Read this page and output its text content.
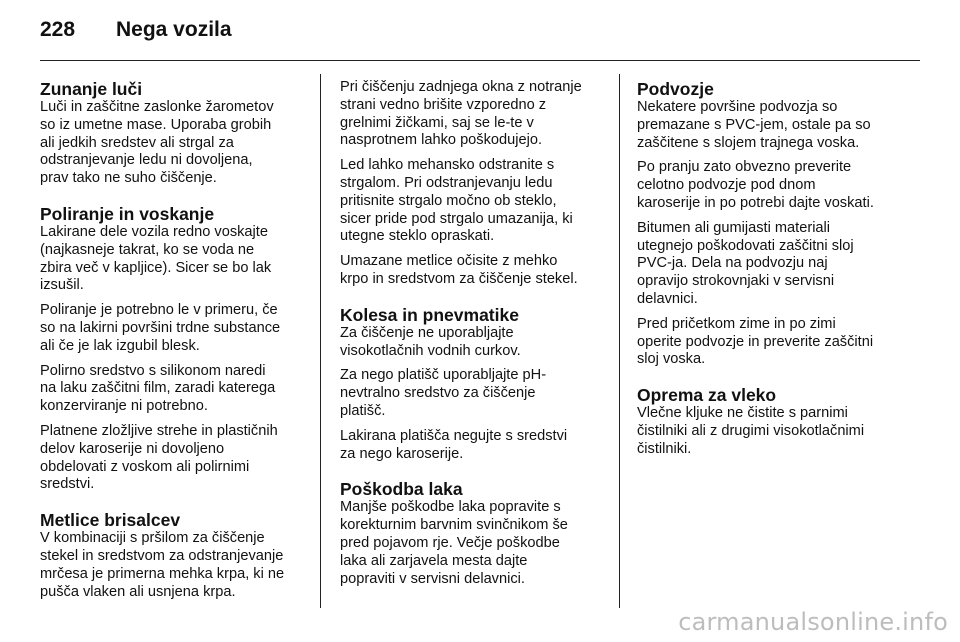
228	Nega vozila
Zunanje luči

Luči in zaščitne zaslonke žarometov
so iz umetne mase. Uporaba grobih
ali jedkih sredstev ali strgal za
odstranjevanje ledu ni dovoljena,
prav tako ne suho čiščenje.

Poliranje in voskanje

Lakirane dele vozila redno voskajte
(najkasneje takrat, ko se voda ne
zbira več v kapljice). Sicer se bo lak
izsušil.

Poliranje je potrebno le v primeru, če
so na lakirni površini trdne substance
ali če je lak izgubil blesk.

Polirno sredstvo s silikonom naredi
na laku zaščitni film, zaradi katerega
konzerviranje ni potrebno.

Platnene zložljive strehe in plastičnih
delov karoserije ni dovoljeno
obdelovati z voskom ali polirnimi
sredstvi.

Metlice brisalcev

V kombinaciji s pršilom za čiščenje
stekel in sredstvom za odstranjevanje
mrčesa je primerna mehka krpa, ki ne
pušča vlaken ali usnjena krpa.

Pri čiščenju zadnjega okna z notranje
strani vedno brišite vzporedno z
grelnimi žičkami, saj se le-te v
nasprotnem lahko poškodujejo.

Led lahko mehansko odstranite s
strgalom. Pri odstranjevanju ledu
pritisnite strgalo močno ob steklo,
sicer pride pod strgalo umazanija, ki
utegne steklo opraskati.

Umazane metlice očisite z mehko
krpo in sredstvom za čiščenje stekel.

Kolesa in pnevmatike

Za čiščenje ne uporabljajte
visokotlačnih vodnih curkov.

Za nego platišč uporabljajte pH-
nevtralno sredstvo za čiščenje
platišč.

Lakirana platišča negujte s sredstvi
za nego karoserije.

Poškodba laka

Manjše poškodbe laka popravite s
korekturnim barvnim svinčnikom še
pred pojavom rje. Večje poškodbe
laka ali zarjavela mesta dajte
popraviti v servisni delavnici.

Podvozje

Nekatere površine podvozja so
premazane s PVC-jem, ostale pa so
zaščitene s slojem trajnega voska.

Po pranju zato obvezno preverite
celotno podvozje pod dnom
karoserije in po potrebi dajte voskati.

Bitumen ali gumijasti materiali
utegnejo poškodovati zaščitni sloj
PVC-ja. Dela na podvozju naj
opravijo strokovnjaki v servisni
delavnici.

Pred pričetkom zime in po zimi
operite podvozje in preverite zaščitni
sloj voska.

Oprema za vleko

Vlečne kljuke ne čistite s parnimi
čistilniki ali z drugimi visokotlačnimi
čistilniki.

carmanualsonline.info
